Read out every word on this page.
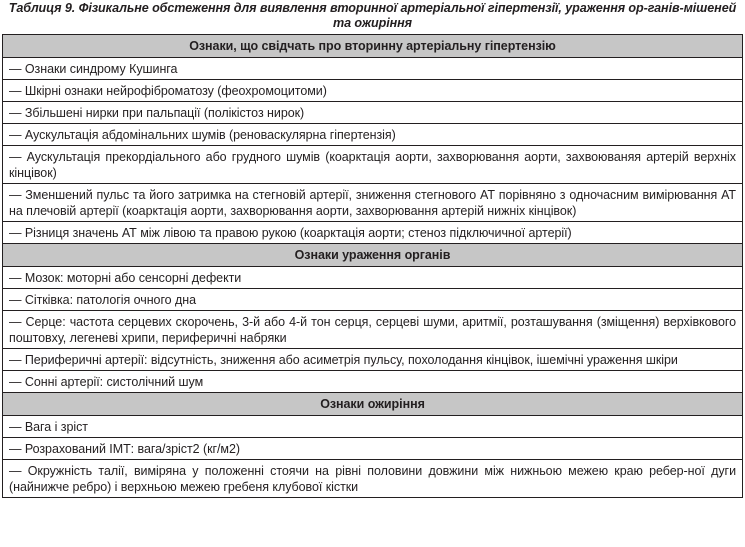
Таблиця 9. Фізикальне обстеження для виявлення вторинної артеріальної гіпертензії, ураження ор-ганів-мішеней та ожиріння
Ознаки, що свідчать про вторинну артеріальну гіпертензію
— Ознаки синдрому Кушинга
— Шкірні ознаки нейрофіброматозу (феохромоцитоми)
— Збільшені нирки при пальпації (полікістоз нирок)
— Аускультація абдомінальних шумів (реноваскулярна гіпертензія)
— Аускультація прекордіального або грудного шумів (коарктація аорти, захворювання аорти, захвоюваняя артерій верхніх кінцівок)
— Зменшений пульс та його затримка на стегновій артерії, зниження стегнового АТ порівняно з одночасним вимірювання АТ на плечовій артерії (коарктація аорти, захворювання аорти, захворювання артерій нижніх кінцівок)
— Різниця значень АТ між лівою та правою рукою (коарктація аорти; стеноз підключичної артерії)
Ознаки ураження органів
— Мозок: моторні або сенсорні дефекти
— Сітківка: патологія очного дна
— Серце: частота серцевих скорочень, 3-й або 4-й тон серця, серцеві шуми, аритмії, розташування (зміщення) верхівкового поштовху, легеневі хрипи, периферичні набряки
— Периферичні артерії: відсутність, зниження або асиметрія пульсу, похолодання кінцівок, ішемічні ураження шкіри
— Сонні артерії: систолічний шум
Ознаки ожиріння
— Вага і зріст
— Розрахований ІМТ: вага/зріст2 (кг/м2)
— Окружність талії, виміряна у положенні стоячи на рівні половини довжини між нижньою межею краю ребер-ної дуги (найнижче ребро) і верхньою межею гребеня клубової кістки
